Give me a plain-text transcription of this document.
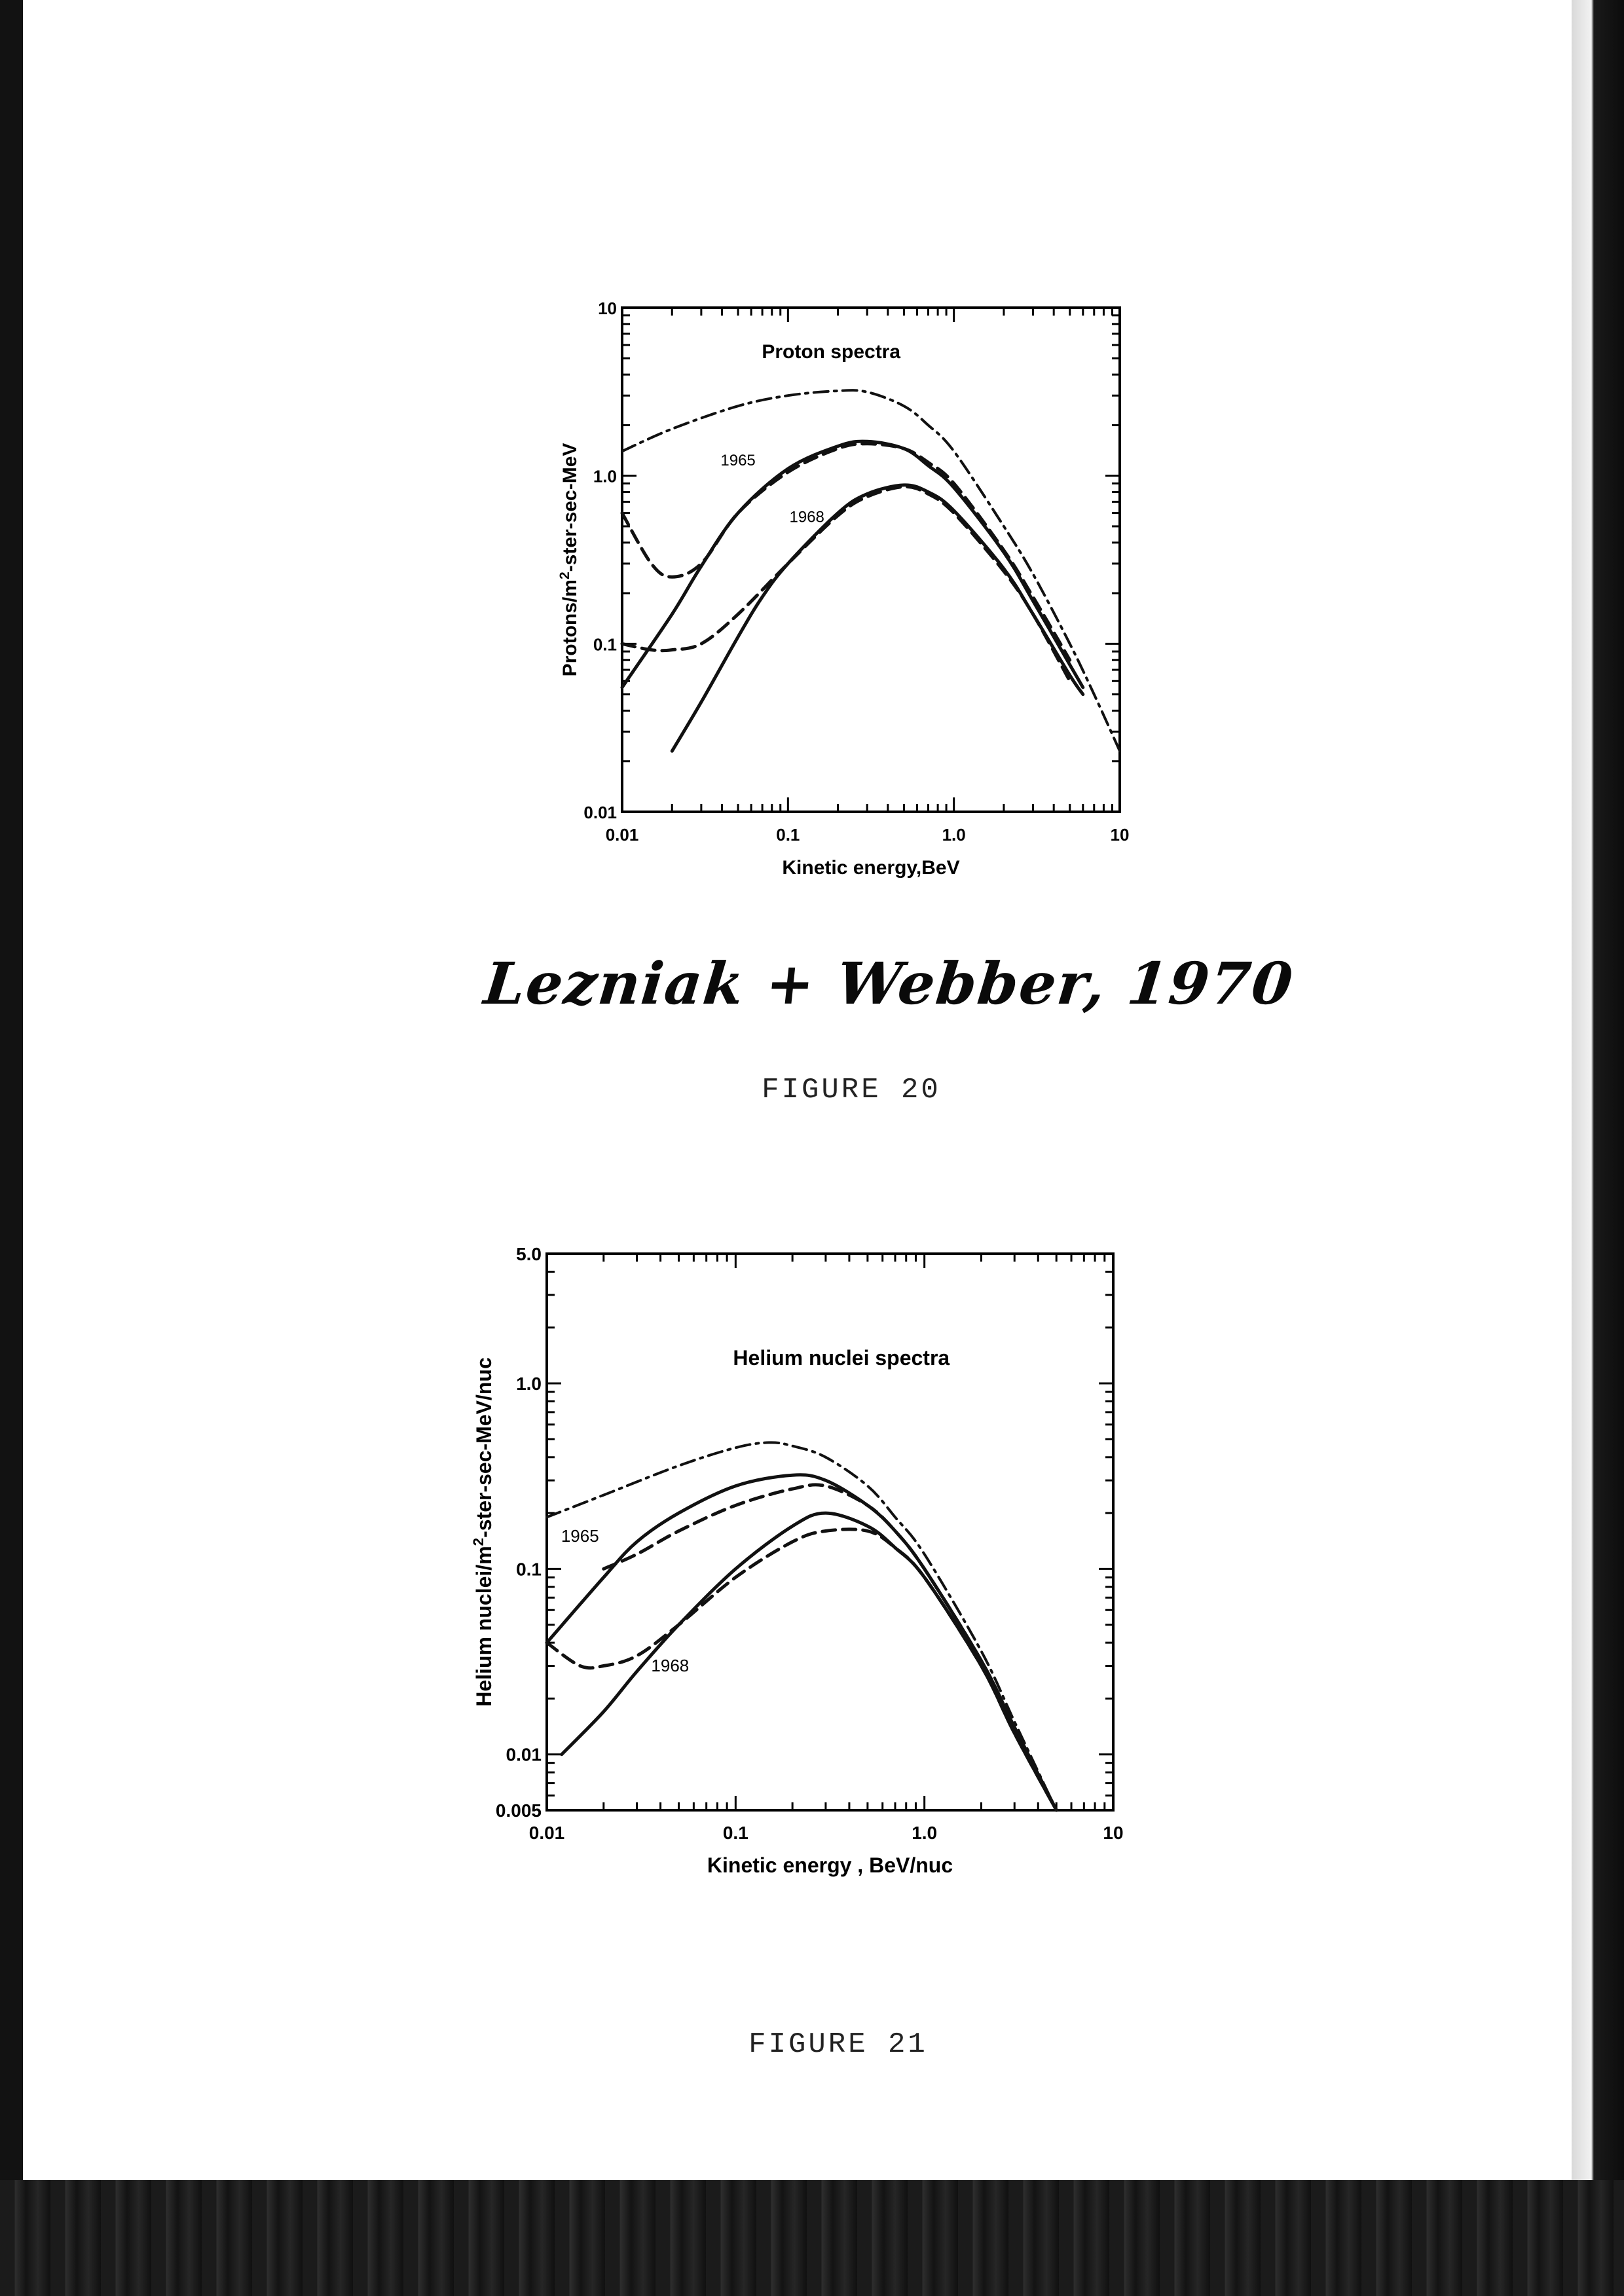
0.01	0.1	1.0	10
0.01
0.1
1.0
10
Kinetic energy,BeV
Protons/$m^2-ster-\sec$-MeV
Proton spectra
1965
1968
Lezniak + Webber, 1970
FIGURE 20
0.01	0.1	1.0	10
0.005
0.01
0.1
1.0
5.0
Kinetic energy , BeV/nuc
Helium nuclei/$m^2-ster-\sec-MeV$/nuc	Helium nuclei spectra
1965
1968
FIGURE 21
